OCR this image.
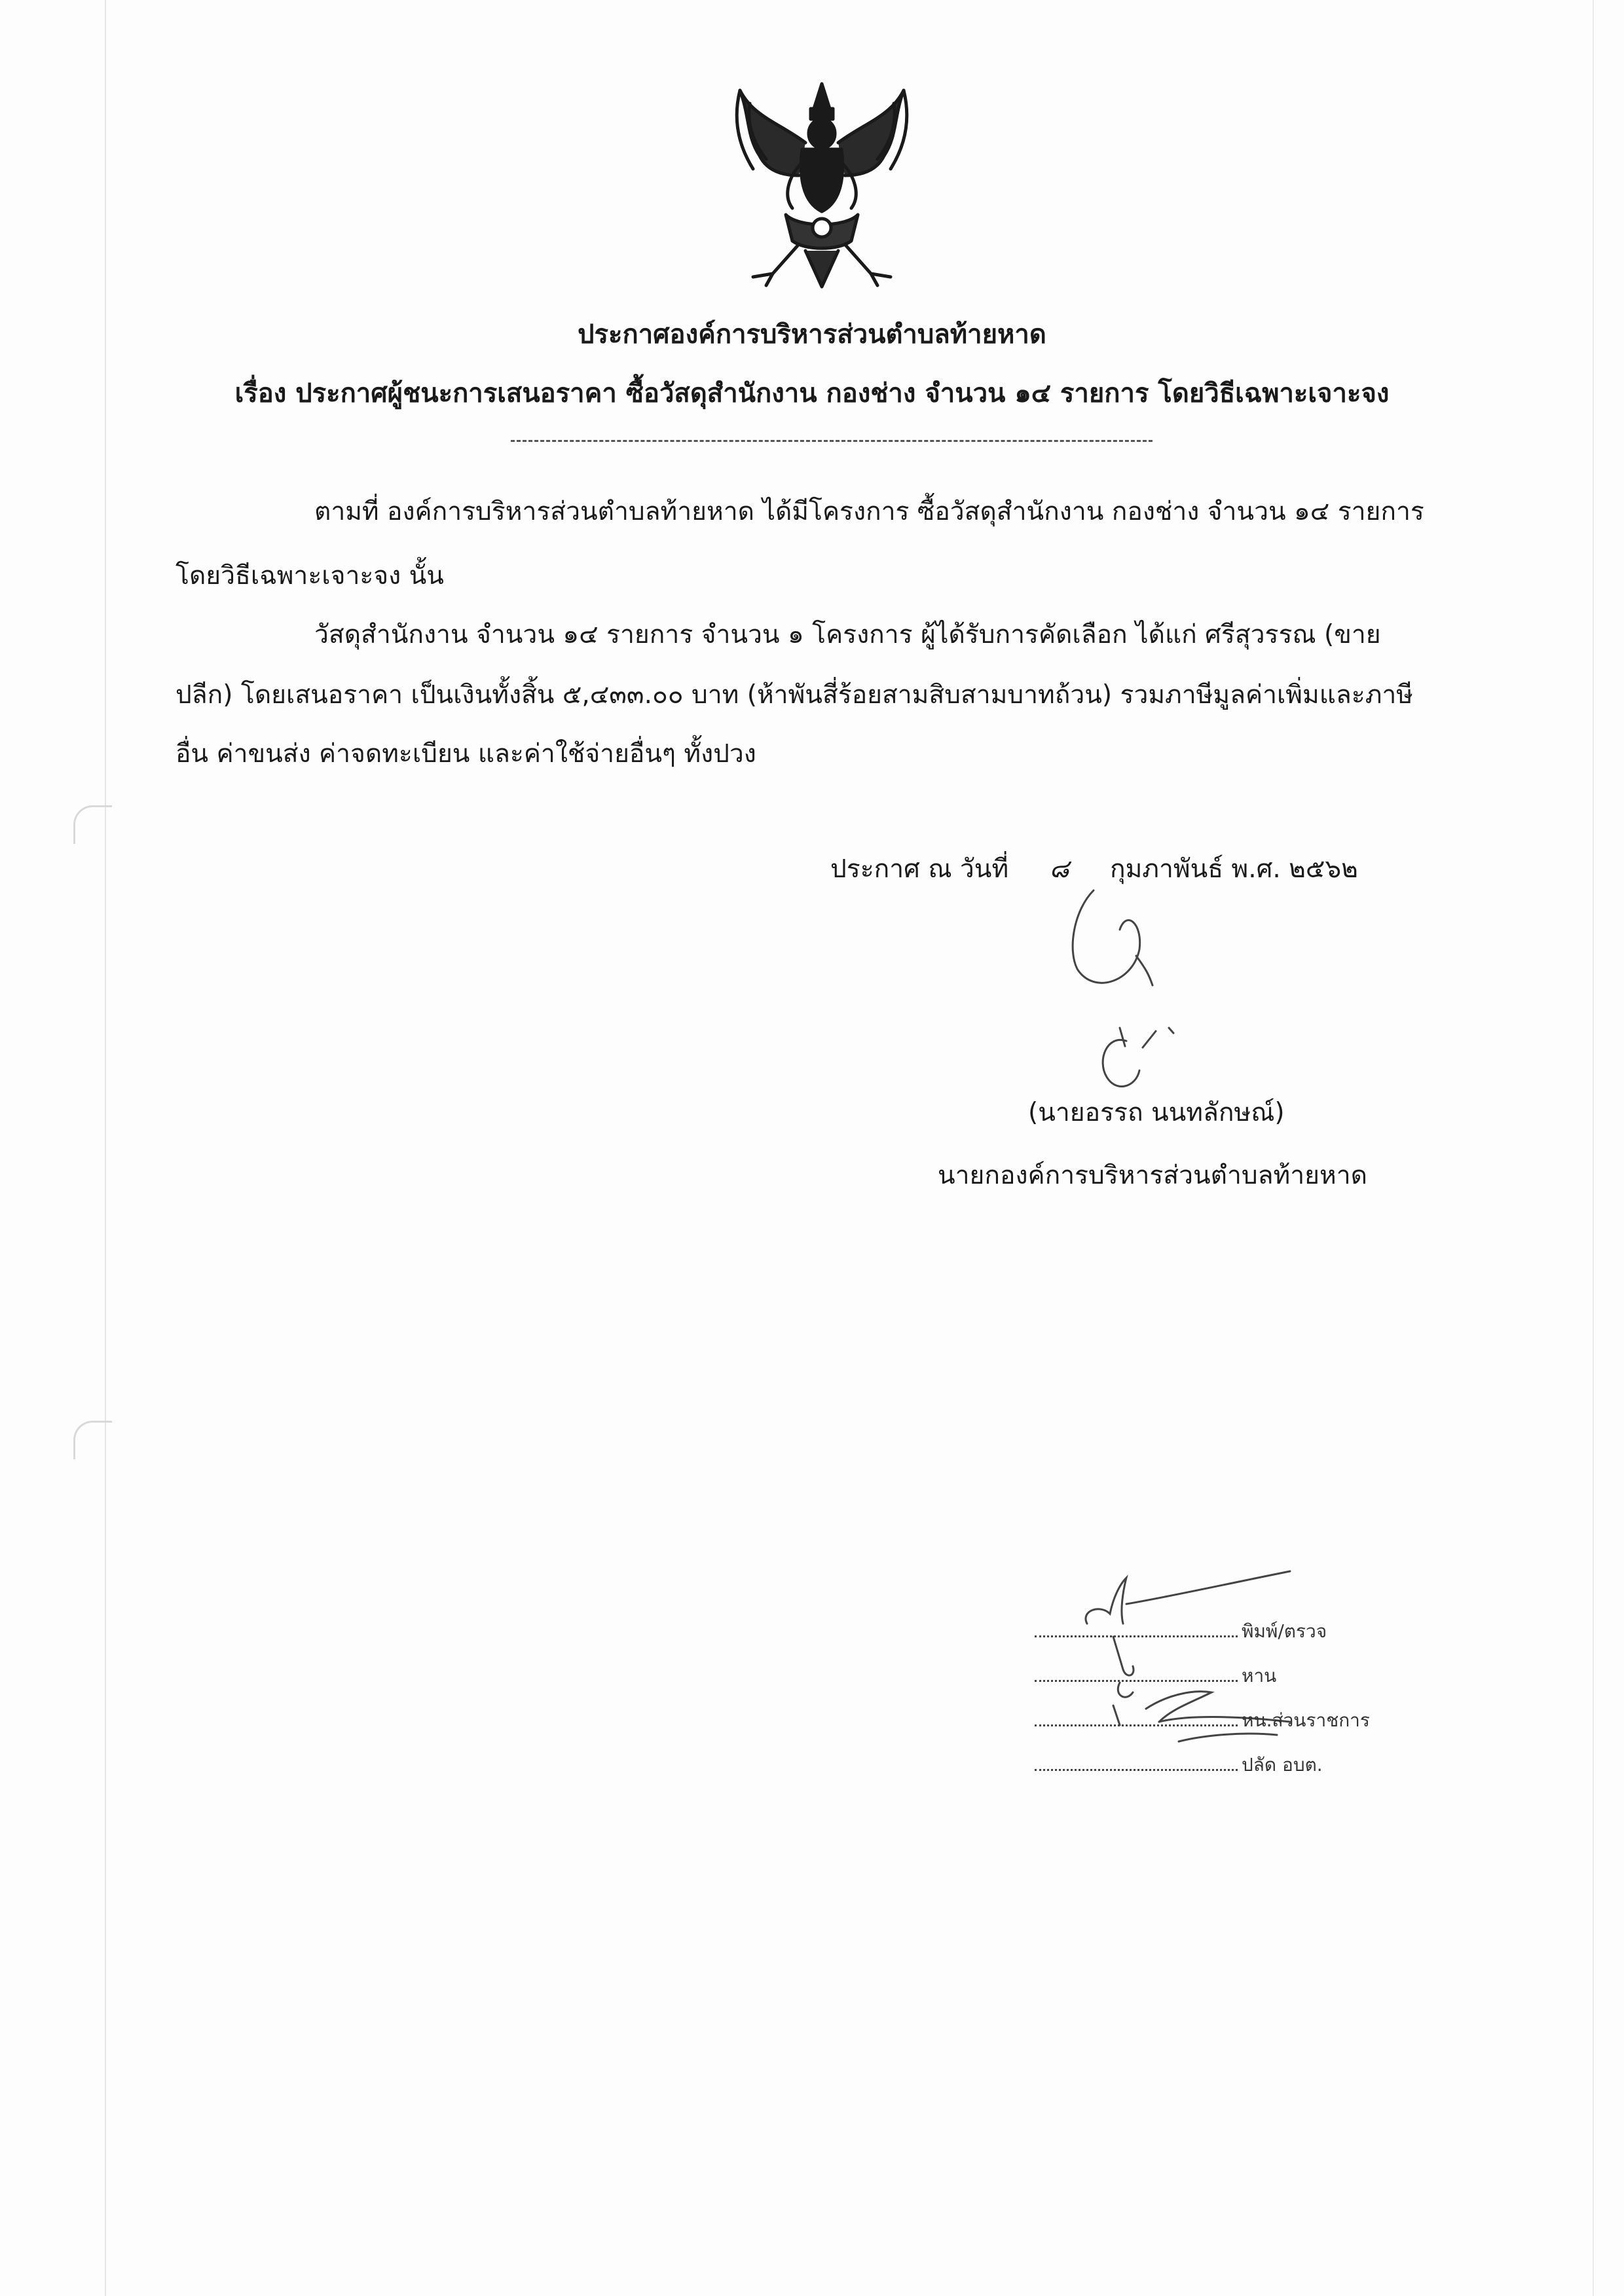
ประกาศองค์การบริหารส่วนตำบลท้ายหาด
เรื่อง ประกาศผู้ชนะการเสนอราคา ซื้อวัสดุสำนักงาน กองช่าง จำนวน ๑๔ รายการ โดยวิธีเฉพาะเจาะจง
ตามที่ องค์การบริหารส่วนตำบลท้ายหาด ได้มีโครงการ ซื้อวัสดุสำนักงาน กองช่าง จำนวน ๑๔ รายการ
โดยวิธีเฉพาะเจาะจง นั้น
วัสดุสำนักงาน จำนวน ๑๔ รายการ จำนวน ๑ โครงการ ผู้ได้รับการคัดเลือก ได้แก่ ศรีสุวรรณ (ขาย
ปลีก) โดยเสนอราคา เป็นเงินทั้งสิ้น ๕,๔๓๓.๐๐ บาท (ห้าพันสี่ร้อยสามสิบสามบาทถ้วน) รวมภาษีมูลค่าเพิ่มและภาษี
อื่น ค่าขนส่ง ค่าจดทะเบียน และค่าใช้จ่ายอื่นๆ ทั้งปวง
ประกาศ ณ วันที่ ๘ กุมภาพันธ์ พ.ศ. ๒๕๖๒
(นายอรรถ นนทลักษณ์)
นายกองค์การบริหารส่วนตำบลท้ายหาด
พิมพ์/ตรวจ
หาน
หน.ส่วนราชการ
ปลัด อบต.
